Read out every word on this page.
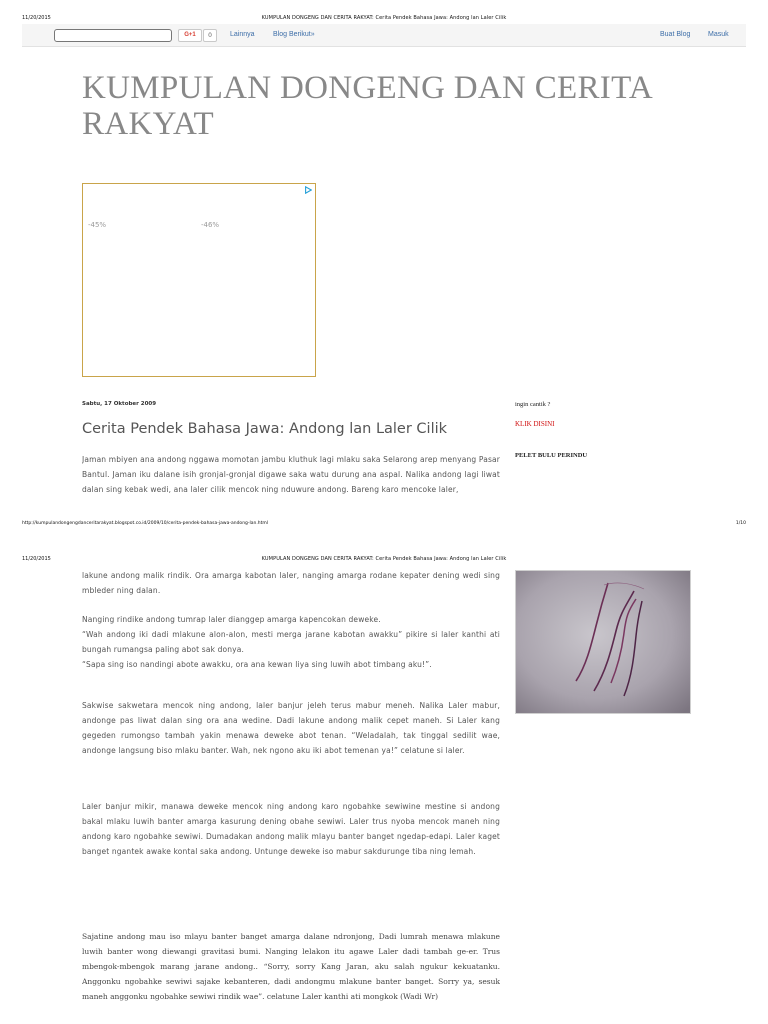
11/20/2015	KUMPULAN DONGENG DAN CERITA RAKYAT: Cerita Pendek Bahasa Jawa: Andong lan Laler Cilik
G+1	0	Lainnya	Blog Berikut»	Buat Blog	Masuk
KUMPULAN DONGENG DAN CERITA RAKYAT
-45%	-46%
Sabtu, 17 Oktober 2009
Cerita Pendek Bahasa Jawa: Andong lan Laler Cilik

Jaman mbiyen ana andong nggawa momotan jambu kluthuk lagi mlaku saka Selarong arep menyang Pasar Bantul. Jaman iku dalane isih gronjal-gronjal digawe saka watu durung ana aspal. Nalika andong lagi liwat dalan sing kebak wedi, ana laler cilik mencok ning nduwure andong. Bareng karo mencoke laler,

ingin cantik ?
KLIK DISINI
PELET BULU PERINDU
http://kumpulandongengdanceritarakyat.blogspot.co.id/2009/10/cerita-pendek-bahasa-jawa-andong-lan.html	1/10
11/20/2015	KUMPULAN DONGENG DAN CERITA RAKYAT: Cerita Pendek Bahasa Jawa: Andong lan Laler Cilik

lakune andong malik rindik. Ora amarga kabotan laler, nanging amarga rodane kepater dening wedi sing mbleder ning dalan.

Nanging rindike andong tumrap laler dianggep amarga kapencokan deweke.

“Wah andong iki dadi mlakune alon-alon, mesti merga jarane kabotan awakku” pikire si laler kanthi ati bungah rumangsa paling abot sak donya.

“Sapa sing iso nandingi abote awakku, ora ana kewan liya sing luwih abot timbang aku!”.

Sakwise sakwetara mencok ning andong, laler banjur jeleh terus mabur meneh. Nalika Laler mabur, andonge pas liwat dalan sing ora ana wedine. Dadi lakune andong malik cepet maneh. Si Laler kang gegeden rumongso tambah yakin menawa deweke abot tenan. “Weladalah, tak tinggal sedilit wae, andonge langsung biso mlaku banter. Wah, nek ngono aku iki abot temenan ya!” celatune si laler.

Laler banjur mikir, manawa deweke mencok ning andong karo ngobahke sewiwine mestine si andong bakal mlaku luwih banter amarga kasurung dening obahe sewiwi. Laler trus nyoba mencok maneh ning andong karo ngobahke sewiwi. Dumadakan andong malik mlayu banter banget ngedap-edapi. Laler kaget banget ngantek awake kontal saka andong. Untunge deweke iso mabur sakdurunge tiba ning lemah.

Sajatine andong mau iso mlayu banter banget amarga dalane ndronjong, Dadi lumrah menawa mlakune luwih banter wong diewangi gravitasi bumi. Nanging lelakon itu agawe Laler dadi tambah ge-er. Trus mbengok-mbengok marang jarane andong.. “Sorry, sorry Kang Jaran, aku salah ngukur kekuatanku. Anggonku ngobahke sewiwi sajake kebanteren, dadi andongmu mlakune banter banget. Sorry ya, sesuk maneh anggonku ngobahke sewiwi rindik wae”. celatune Laler kanthi ati mongkok (Wadi Wr)
